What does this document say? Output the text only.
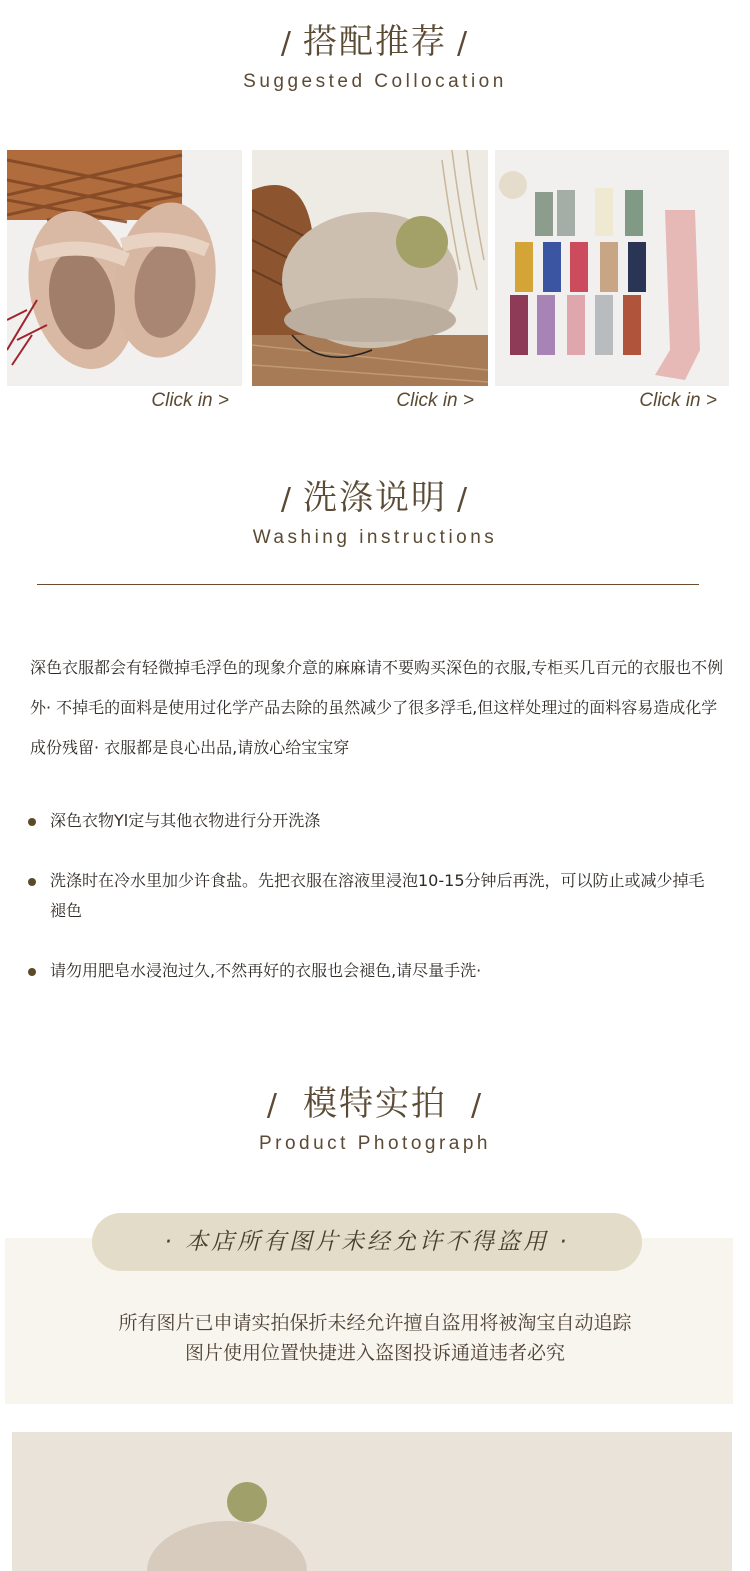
/ 搭配推荐 /
Suggested Collocation
Click in >	Click in >	Click in >
/ 洗涤说明 /
Washing instructions
深色衣服都会有轻微掉毛浮色的现象介意的麻麻请不要购买深色的衣服,专柜买几百元的衣服也不例外· 不掉毛的面料是使用过化学产品去除的虽然减少了很多浮毛,但这样处理过的面料容易造成化学成份残留· 衣服都是良心出品,请放心给宝宝穿
深色衣物Yl定与其他衣物进行分开洗涤
洗涤时在冷水里加少许食盐。先把衣服在溶液里浸泡10-15分钟后再洗，可以防止或减少掉毛褪色
请勿用肥皂水浸泡过久,不然再好的衣服也会褪色,请尽量手洗·
/ 模特实拍 /
Product Photograph
· 本店所有图片未经允许不得盗用 ·
所有图片已申请实拍保折未经允许擅自盗用将被淘宝自动追踪
图片使用位置快捷进入盗图投诉通道违者必究
